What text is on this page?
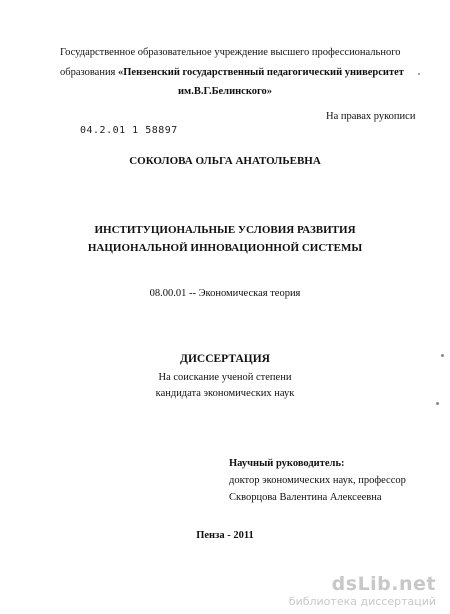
Государственное образовательное учреждение высшего профессионального
образования «Пензенский государственный педагогический университет
им.В.Г.Белинского»
На правах рукописи
04.2.01 1 58897
СОКОЛОВА ОЛЬГА АНАТОЛЬЕВНА
ИНСТИТУЦИОНАЛЬНЫЕ УСЛОВИЯ РАЗВИТИЯ
НАЦИОНАЛЬНОЙ ИННОВАЦИОННОЙ СИСТЕМЫ
08.00.01 -- Экономическая теория
ДИССЕРТАЦИЯ
На соискание ученой степени
кандидата экономических наук
Научный руководитель:
доктор экономических наук, профессор
Скворцова Валентина Алексеевна
Пенза - 2011
dsLib.net
библиотека диссертаций
